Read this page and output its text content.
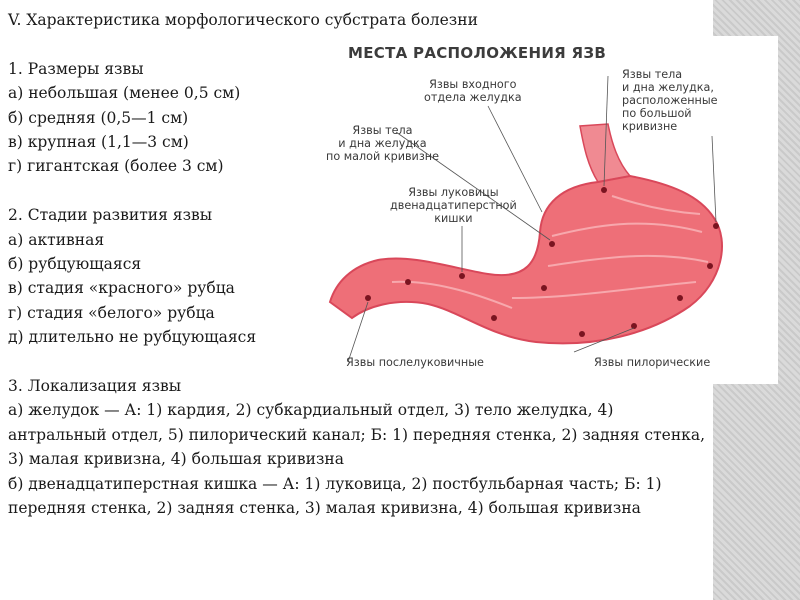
V. Характеристика морфологического субстрата болезни
1. Размеры язвы
а) небольшая (менее 0,5 см)
б) средняя (0,5—1 см)
в) крупная (1,1—3 см)
г) гигантская (более 3 см)
2. Стадии развития язвы
а) активная
б) рубцующаяся
в) стадия «красного» рубца
г) стадия «белого» рубца
д) длительно не рубцующаяся
3. Локализация язвы
а) желудок — А: 1) кардия, 2) субкардиальный отдел, 3) тело желудка, 4)
антральный отдел, 5) пилорический канал; Б: 1) передняя стенка, 2) задняя стенка,
3) малая кривизна, 4) большая кривизна
б) двенадцатиперстная кишка — А: 1) луковица, 2) постбульбарная часть; Б: 1)
передняя стенка, 2) задняя стенка, 3) малая кривизна, 4) большая кривизна
МЕСТА РАСПОЛОЖЕНИЯ ЯЗВ
Язвы входного
отдела желудка
Язвы тела
и дна желудка,
расположенные
по большой
кривизне
Язвы тела
и дна желудка
по малой кривизне
Язвы луковицы
двенадцатиперстной
кишки
Язвы послелуковичные	Язвы пилорические
